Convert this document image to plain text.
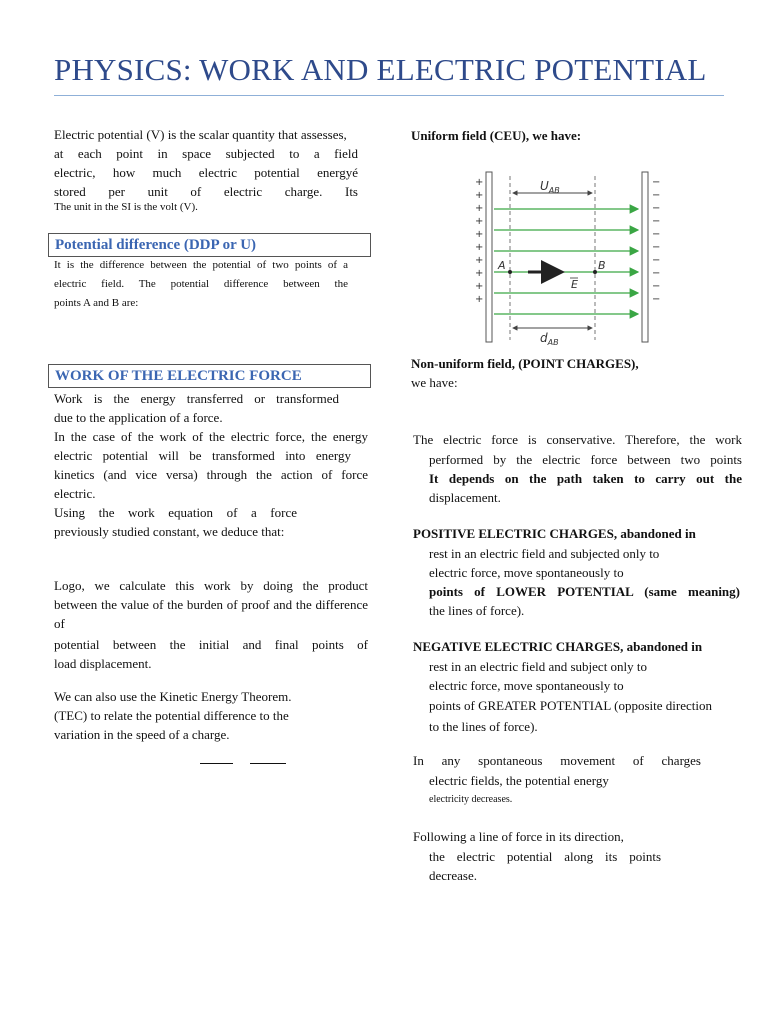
PHYSICS: WORK AND ELECTRIC POTENTIAL

Electric potential (V) is the scalar quantity that assesses,
at each point in space subjected to a field
electric, how much electric potential energyé
stored per unit of electric charge. Its

The unit in the SI is the volt (V).

Potential difference (DDP or U)
It is the difference between the potential of two points of a
electric field. The potential difference between the
points A and B are:
WORK OF THE ELECTRIC FORCE
Work is the energy transferred or transformed
due to the application of a force.
In the case of the work of the electric force, the energy
electric potential will be transformed into energy
kinetics (and vice versa) through the action of force
electric.
Using the work equation of a force
previously studied constant, we deduce that:
Logo, we calculate this work by doing the product
between the value of the burden of proof and the difference of
potential between the initial and final points of
load displacement.
We can also use the Kinetic Energy Theorem.
(TEC) to relate the potential difference to the
variation in the speed of a charge.
Uniform field (CEU), we have:
+
+
+
+
+
+
+
+
+
+
−
−
−
−
−
−
−
−
−
−
$U_{AB}$
$d_{AB}$
A	B
E
Non-uniform field, (POINT CHARGES),
we have:
The electric force is conservative. Therefore, the work
performed by the electric force between two points
It depends on the path taken to carry out the
displacement.
POSITIVE ELECTRIC CHARGES, abandoned in
rest in an electric field and subjected only to
electric force, move spontaneously to
points of LOWER POTENTIAL (same meaning)
the lines of force).
NEGATIVE ELECTRIC CHARGES, abandoned in
rest in an electric field and subject only to
electric force, move spontaneously to
points of GREATER POTENTIAL (opposite direction
to the lines of force).
In any spontaneous movement of charges
electric fields, the potential energy
electricity decreases.
Following a line of force in its direction,
the electric potential along its points
decrease.
